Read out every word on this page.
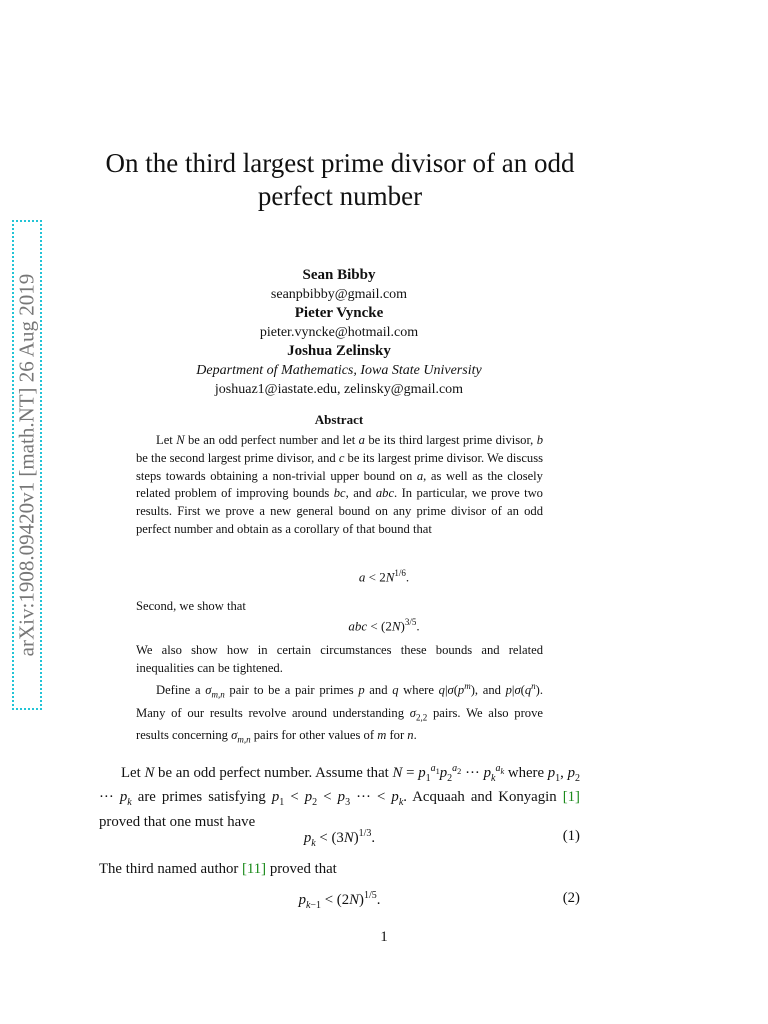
arXiv:1908.09420v1 [math.NT] 26 Aug 2019
On the third largest prime divisor of an odd
perfect number
Sean Bibby
seanpbibby@gmail.com
Pieter Vyncke
pieter.vyncke@hotmail.com
Joshua Zelinsky
Department of Mathematics, Iowa State University
joshuaz1@iastate.edu, zelinsky@gmail.com
Abstract
Let N be an odd perfect number and let a be its third largest prime divisor, b be the second largest prime divisor, and c be its largest prime divisor. We discuss steps towards obtaining a non-trivial upper bound on a, as well as the closely related problem of improving bounds bc, and abc. In particular, we prove two results. First we prove a new general bound on any prime divisor of an odd perfect number and obtain as a corollary of that bound that
$a < 2N^{1/6}$.
Second, we show that
abc < $(2N)^{3/5}$.
We also show how in certain circumstances these bounds and related inequalities can be tightened.
Define a $\sigma_{m,n}$ pair to be a pair primes p and q where $q|\sigma(p^m)$, and $p|\sigma(q^n)$. Many of our results revolve around understanding $\sigma_{2,2}$ pairs. We also prove results concerning $\sigma_{m,n}$ pairs for other values of m for n.
Let N be an odd perfect number. Assume that $N = p_1^{a_1}p_2^{a_2}$ ··· $p_k^{a_k}$ where $p_1$, $p_2$ ··· $p_k$ are primes satisfying $p_1 < p_2 < p_3$ ··· < $p_k$. Acquaah and Konyagin [1] proved that one must have
$p_k < (3N)^{1/3}$.	(1)
The third named author [11] proved that
$p_{k-1} < (2N)^{1/5}$.	(2)
1
